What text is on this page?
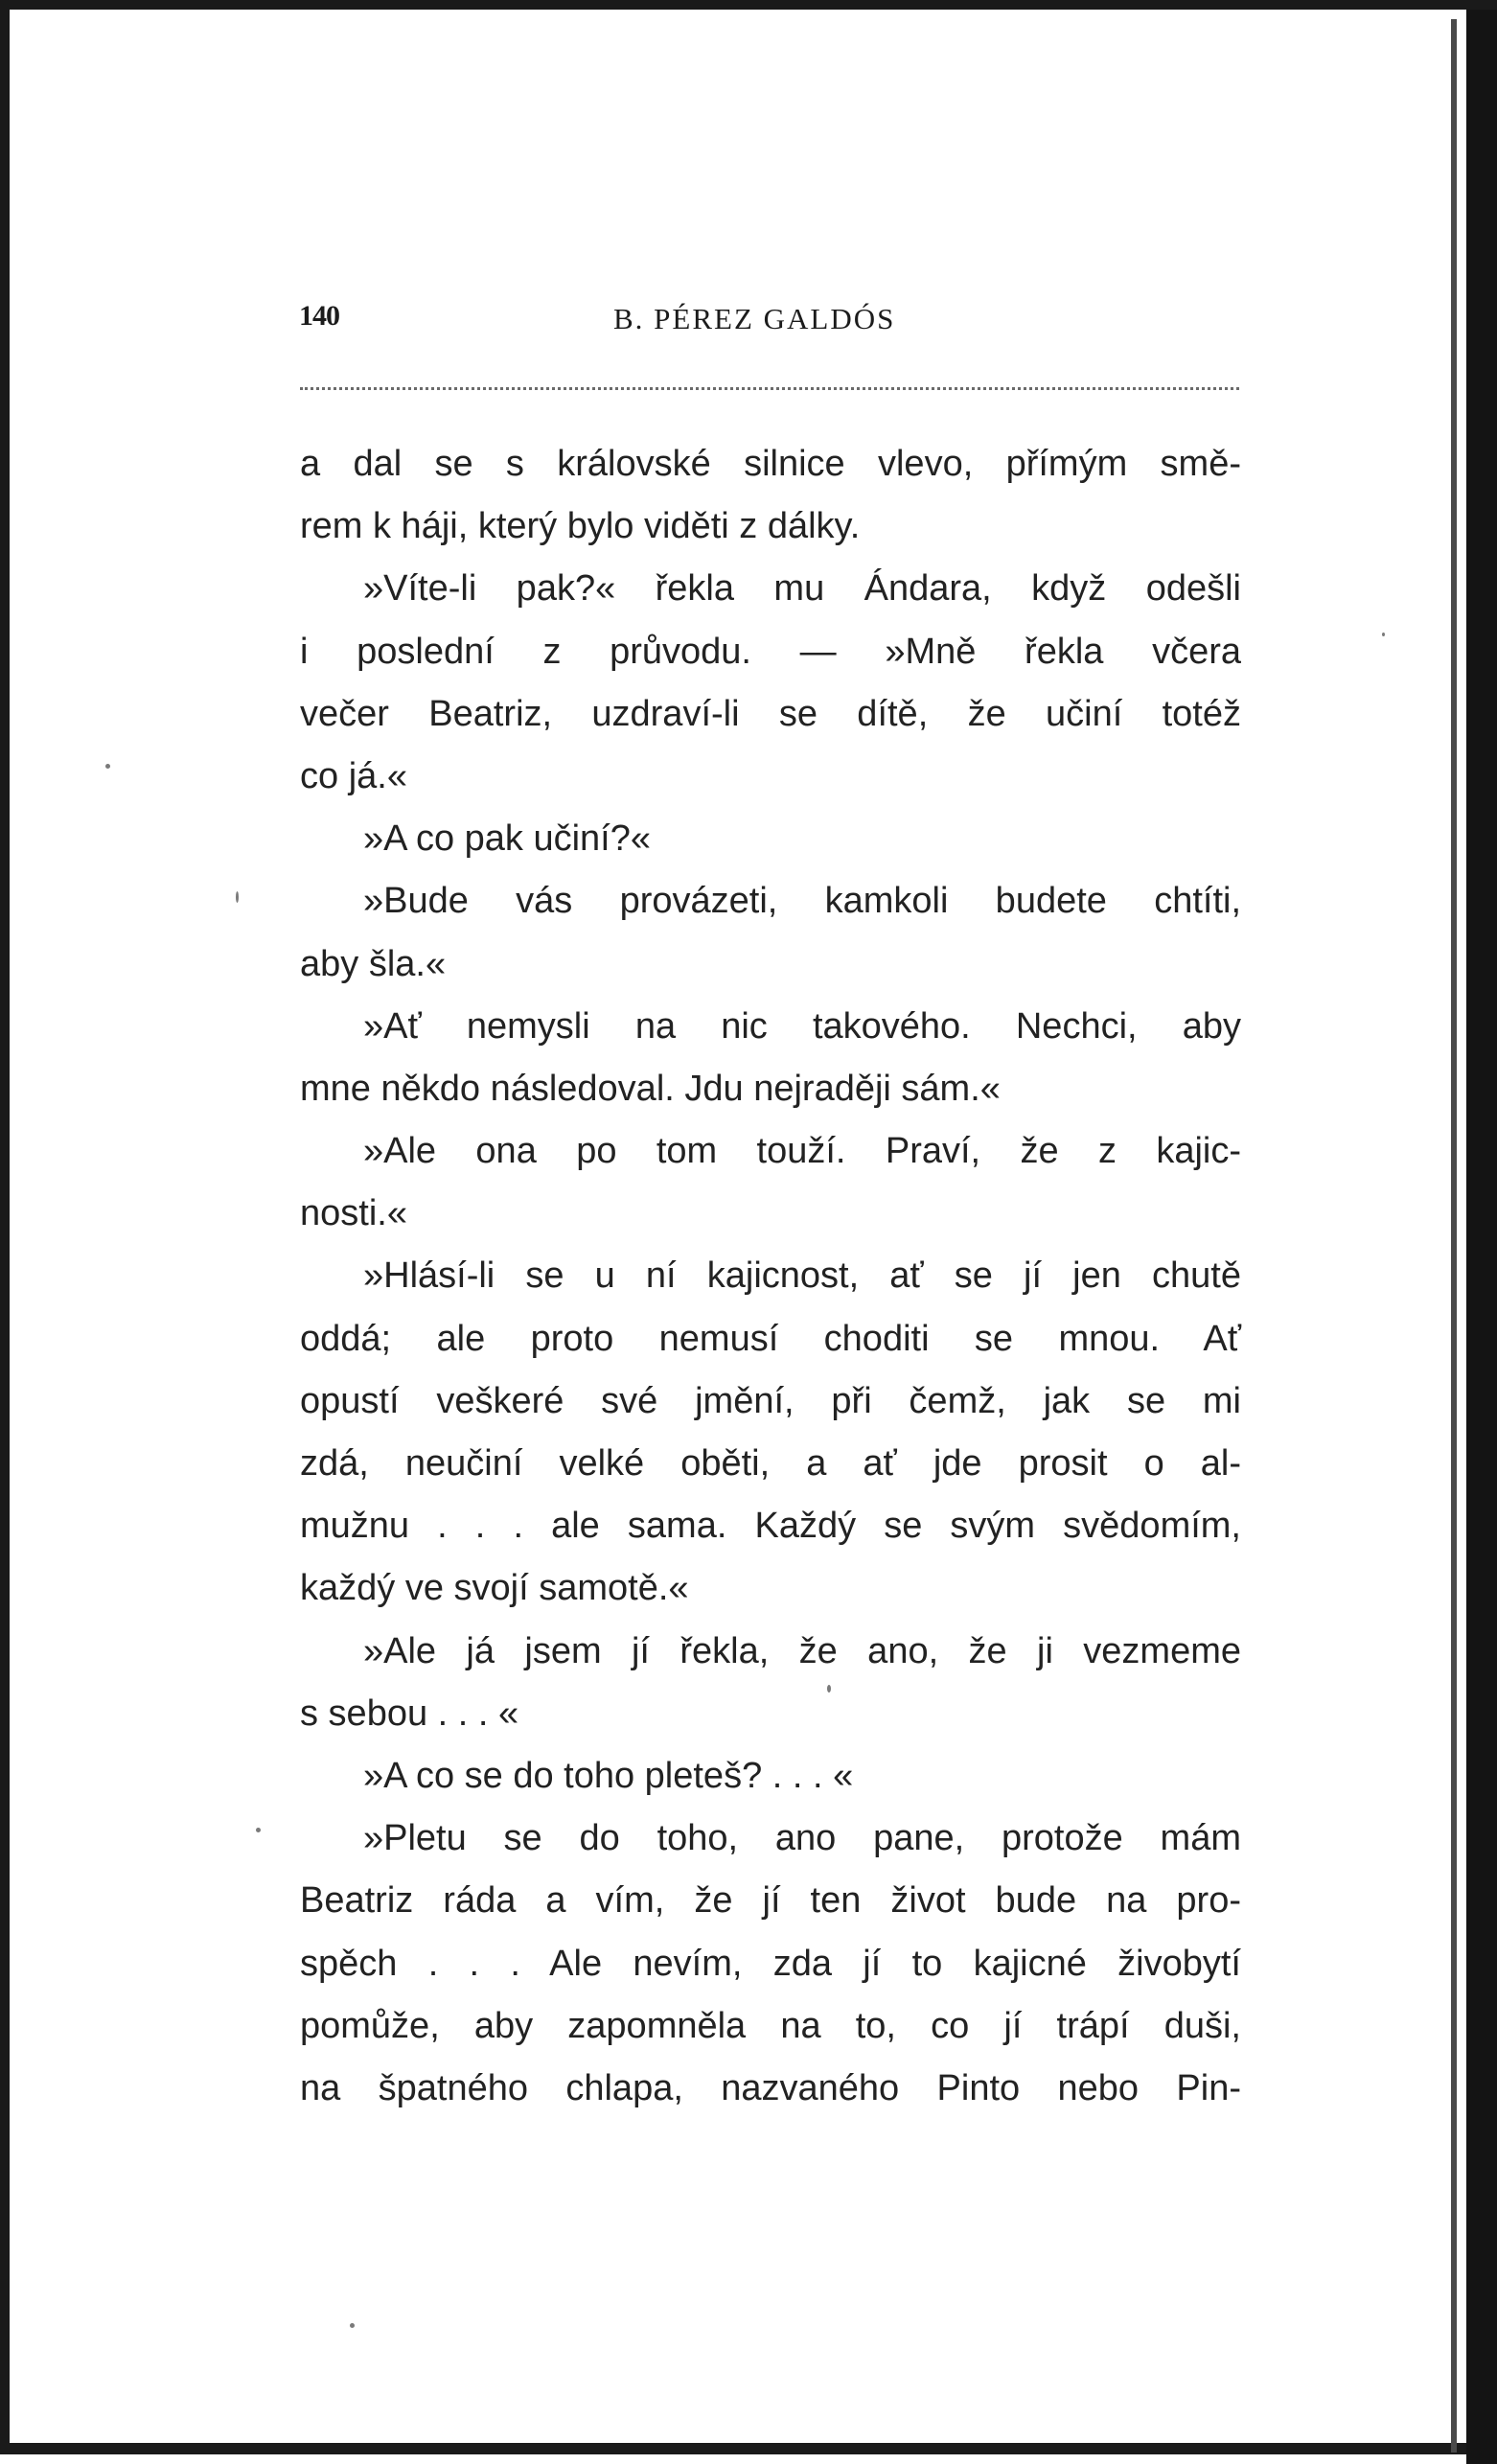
140	B. PÉREZ GALDÓS
a dal se s královské silnice vlevo, přímým smě-
rem k háji, který bylo viděti z dálky.
»Víte-li pak?« řekla mu Ándara, když odešli
i poslední z průvodu. — »Mně řekla včera
večer Beatriz, uzdraví-li se dítě, že učiní totéž
co já.«
»A co pak učiní?«
»Bude vás provázeti, kamkoli budete chtíti,
aby šla.«
»Ať nemysli na nic takového. Nechci, aby
mne někdo následoval. Jdu nejraději sám.«
»Ale ona po tom touží. Praví, že z kajic-
nosti.«
»Hlásí-li se u ní kajicnost, ať se jí jen chutě
oddá; ale proto nemusí choditi se mnou. Ať
opustí veškeré své jmění, při čemž, jak se mi
zdá, neučiní velké oběti, a ať jde prosit o al-
mužnu . . . ale sama. Každý se svým svědomím,
každý ve svojí samotě.«
»Ale já jsem jí řekla, že ano, že ji vezmeme
s sebou . . . «
»A co se do toho pleteš? . . . «
»Pletu se do toho, ano pane, protože mám
Beatriz ráda a vím, že jí ten život bude na pro-
spěch . . . Ale nevím, zda jí to kajicné živobytí
pomůže, aby zapomněla na to, co jí trápí duši,
na špatného chlapa, nazvaného Pinto nebo Pin-
